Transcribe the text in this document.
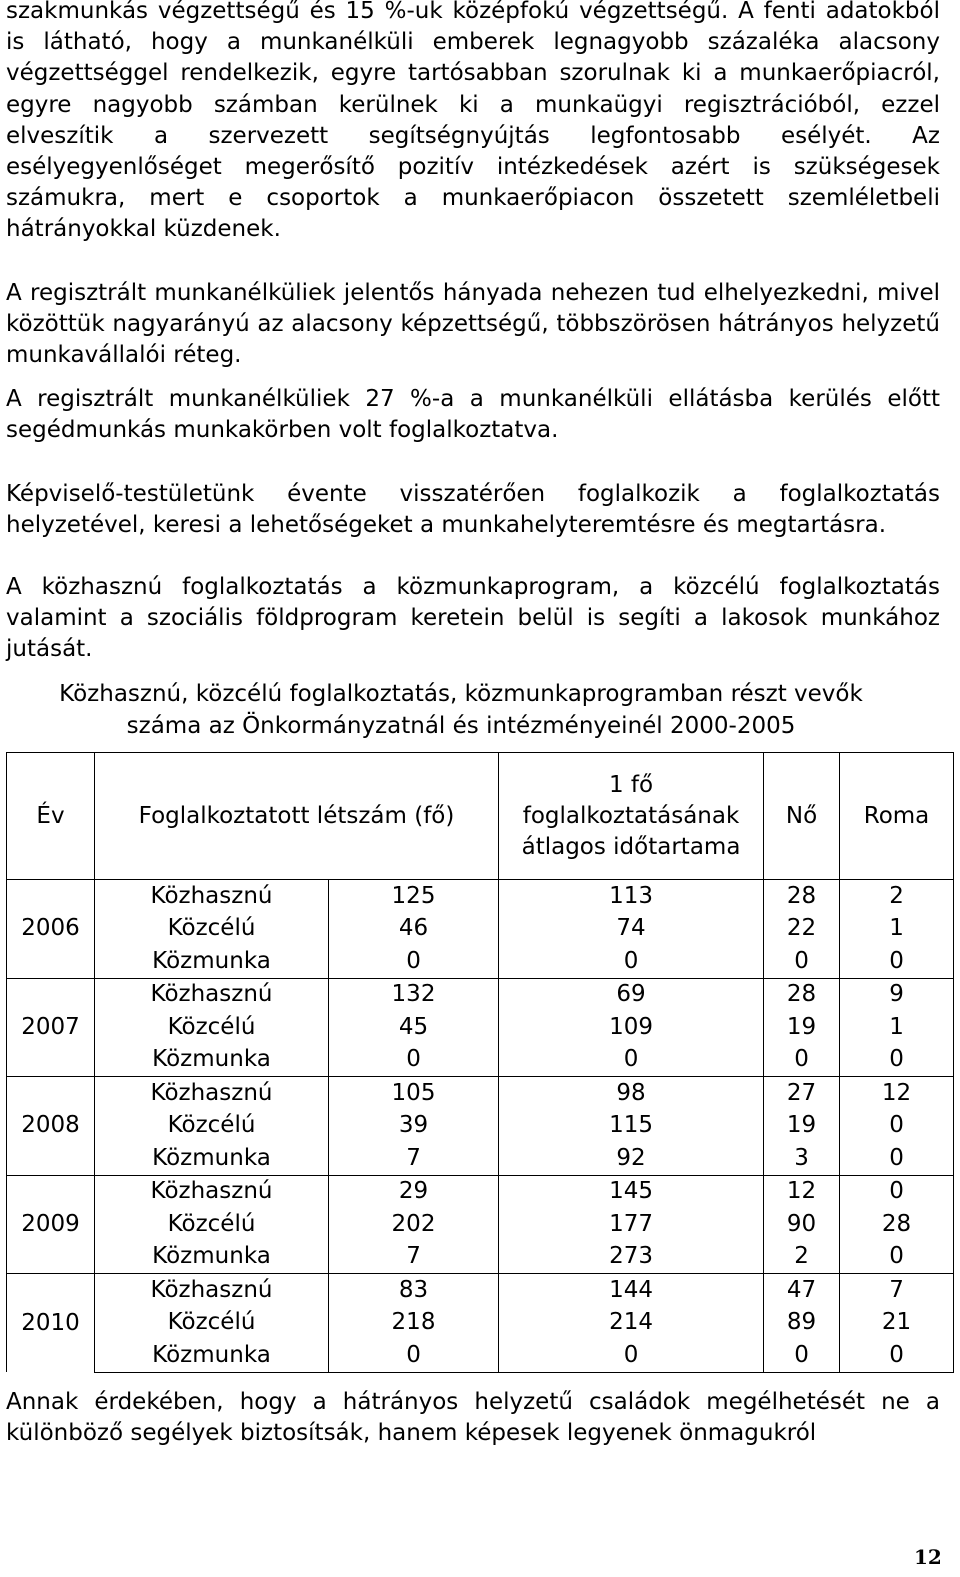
szakmunkás végzettségű és 15 %-uk középfokú végzettségű. A fenti adatokból is látható, hogy a munkanélküli emberek legnagyobb százaléka alacsony végzettséggel rendelkezik, egyre tartósabban szorulnak ki a munkaerőpiacról, egyre nagyobb számban kerülnek ki a munkaügyi regisztrációból, ezzel elveszítik a szervezett segítségnyújtás legfontosabb esélyét. Az esélyegyenlőséget megerősítő pozitív intézkedések azért is szükségesek számukra, mert e csoportok a munkaerőpiacon összetett szemléletbeli hátrányokkal küzdenek.

A regisztrált munkanélküliek jelentős hányada nehezen tud elhelyezkedni, mivel közöttük nagyarányú az alacsony képzettségű, többszörösen hátrányos helyzetű munkavállalói réteg.

A regisztrált munkanélküliek 27 %-a a munkanélküli ellátásba kerülés előtt segédmunkás munkakörben volt foglalkoztatva.

Képviselő-testületünk évente visszatérően foglalkozik a foglalkoztatás helyzetével, keresi a lehetőségeket a munkahelyteremtésre és megtartásra.

A közhasznú foglalkoztatás a közmunkaprogram, a közcélú foglalkoztatás valamint a szociális földprogram keretein belül is segíti a lakosok munkához jutását.

Közhasznú, közcélú foglalkoztatás, közmunkaprogramban részt vevők
száma az Önkormányzatnál és intézményeinél 2000-2005
Év	Foglalkoztatott létszám (fő)		1 fő foglalkoztatásának átlagos időtartama	Nő	Roma
2006	Közhasznú	125	113	28	2
	Közcélú	46	74	22	1
	Közmunka	0	0	0	0
2007	Közhasznú	132	69	28	9
	Közcélú	45	109	19	1
	Közmunka	0	0	0	0
2008	Közhasznú	105	98	27	12
	Közcélú	39	115	19	0
	Közmunka	7	92	3	0
2009	Közhasznú	29	145	12	0
	Közcélú	202	177	90	28
	Közmunka	7	273	2	0
2010	Közhasznú	83	144	47	7
	Közcélú	218	214	89	21
	Közmunka	0	0	0	0

Annak érdekében, hogy a hátrányos helyzetű családok megélhetését ne a különböző segélyek biztosítsák, hanem képesek legyenek önmagukról

12
